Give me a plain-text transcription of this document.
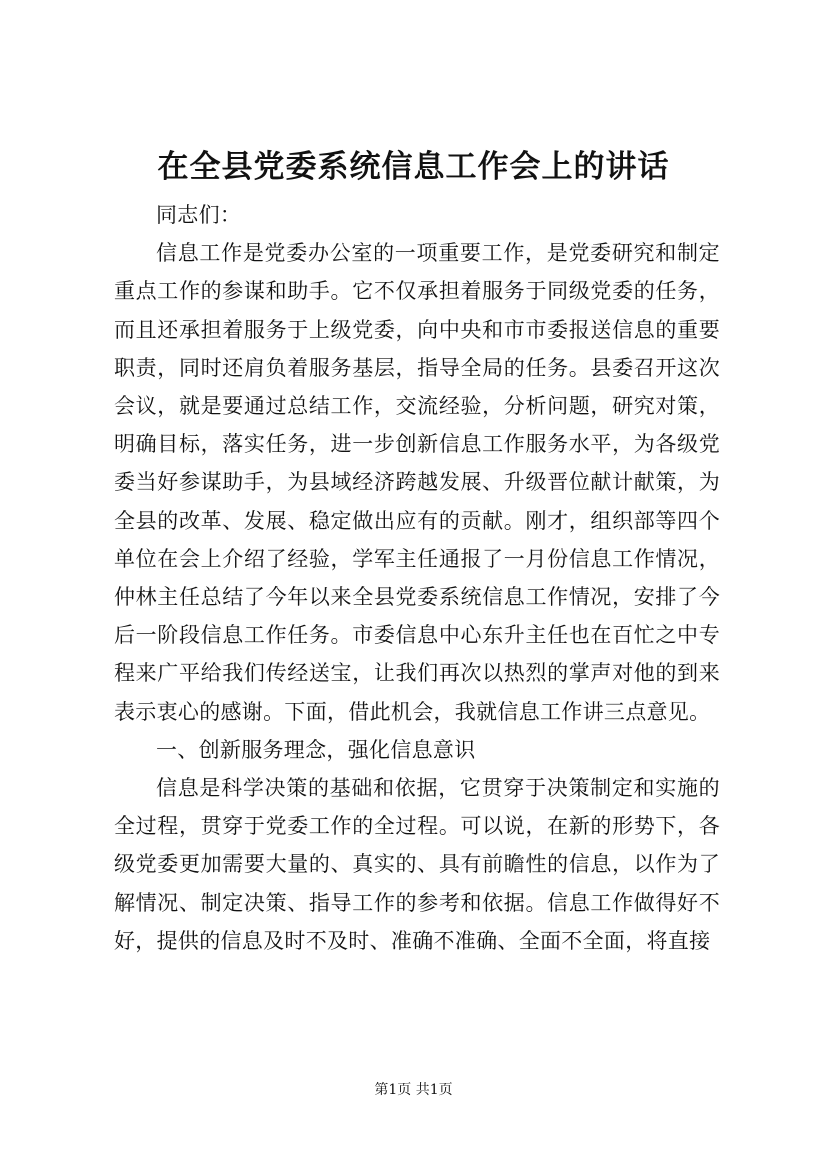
在全县党委系统信息工作会上的讲话

同志们：

信息工作是党委办公室的一项重要工作，是党委研究和制定重点工作的参谋和助手。它不仅承担着服务于同级党委的任务，而且还承担着服务于上级党委，向中央和市市委报送信息的重要职责，同时还肩负着服务基层，指导全局的任务。县委召开这次会议，就是要通过总结工作，交流经验，分析问题，研究对策，明确目标，落实任务，进一步创新信息工作服务水平，为各级党委当好参谋助手，为县域经济跨越发展、升级晋位献计献策，为全县的改革、发展、稳定做出应有的贡献。刚才，组织部等四个单位在会上介绍了经验，学军主任通报了一月份信息工作情况，仲林主任总结了今年以来全县党委系统信息工作情况，安排了今后一阶段信息工作任务。市委信息中心东升主任也在百忙之中专程来广平给我们传经送宝，让我们再次以热烈的掌声对他的到来表示衷心的感谢。下面，借此机会，我就信息工作讲三点意见。

一、创新服务理念，强化信息意识

信息是科学决策的基础和依据，它贯穿于决策制定和实施的全过程，贯穿于党委工作的全过程。可以说，在新的形势下，各级党委更加需要大量的、真实的、具有前瞻性的信息，以作为了解情况、制定决策、指导工作的参考和依据。信息工作做得好不好，提供的信息及时不及时、准确不准确、全面不全面，将直接

第1页 共1页
